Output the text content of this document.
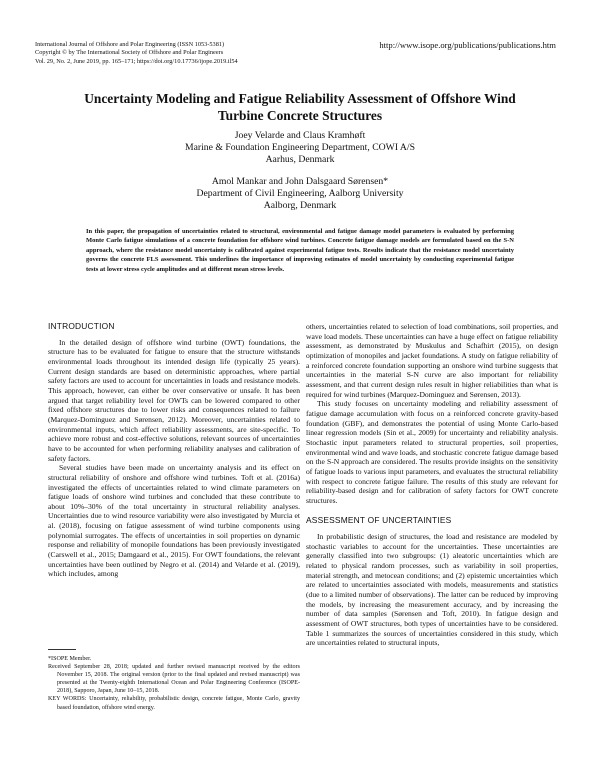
International Journal of Offshore and Polar Engineering (ISSN 1053-5381)
Copyright © by The International Society of Offshore and Polar Engineers
Vol. 29, No. 2, June 2019, pp. 165–171; https://doi.org/10.17736/ijope.2019.il54
http://www.isope.org/publications/publications.htm
Uncertainty Modeling and Fatigue Reliability Assessment of Offshore Wind Turbine Concrete Structures
Joey Velarde and Claus Kramhøft
Marine & Foundation Engineering Department, COWI A/S
Aarhus, Denmark
Amol Mankar and John Dalsgaard Sørensen*
Department of Civil Engineering, Aalborg University
Aalborg, Denmark
In this paper, the propagation of uncertainties related to structural, environmental and fatigue damage model parameters is evaluated by performing Monte Carlo fatigue simulations of a concrete foundation for offshore wind turbines. Concrete fatigue damage models are formulated based on the S-N approach, where the resistance model uncertainty is calibrated against experimental fatigue tests. Results indicate that the resistance model uncertainty governs the concrete FLS assessment. This underlines the importance of improving estimates of model uncertainty by conducting experimental fatigue tests at lower stress cycle amplitudes and at different mean stress levels.
INTRODUCTION

In the detailed design of offshore wind turbine (OWT) foundations, the structure has to be evaluated for fatigue to ensure that the structure withstands environmental loads throughout its intended design life (typically 25 years). Current design standards are based on deterministic approaches, where partial safety factors are used to account for uncertainties in loads and resistance models. This approach, however, can either be over conservative or unsafe. It has been argued that target reliability level for OWTs can be lowered compared to other fixed offshore structures due to lower risks and consequences related to failure (Marquez-Dominguez and Sørensen, 2012). Moreover, uncertainties related to environmental inputs, which affect reliability assessments, are site-specific. To achieve more robust and cost-effective solutions, relevant sources of uncertainties have to be accounted for when performing reliability analyses and calibration of safety factors.

Several studies have been made on uncertainty analysis and its effect on structural reliability of onshore and offshore wind turbines. Toft et al. (2016a) investigated the effects of uncertainties related to wind climate parameters on fatigue loads of onshore wind turbines and concluded that these contribute to about 10%–30% of the total uncertainty in structural reliability analyses. Uncertainties due to wind resource variability were also investigated by Murcia et al. (2018), focusing on fatigue assessment of wind turbine components using polynomial surrogates. The effects of uncertainties in soil properties on dynamic response and reliability of monopile foundations has been previously investigated (Carswell et al., 2015; Damgaard et al., 2015). For OWT foundations, the relevant uncertainties have been outlined by Negro et al. (2014) and Velarde et al. (2019), which includes, among

others, uncertainties related to selection of load combinations, soil properties, and wave load models. These uncertainties can have a huge effect on fatigue reliability assessment, as demonstrated by Muskulus and Schafhirt (2015), on design optimization of monopiles and jacket foundations. A study on fatigue reliability of a reinforced concrete foundation supporting an onshore wind turbine suggests that uncertainties in the material S-N curve are also important for reliability assessment, and that current design rules result in higher reliabilities than what is required for wind turbines (Marquez-Dominguez and Sørensen, 2013).

This study focuses on uncertainty modeling and reliability assessment of fatigue damage accumulation with focus on a reinforced concrete gravity-based foundation (GBF), and demonstrates the potential of using Monte Carlo-based linear regression models (Sin et al., 2009) for uncertainty and reliability analysis. Stochastic input parameters related to structural properties, soil properties, environmental wind and wave loads, and stochastic concrete fatigue damage based on the S-N approach are considered. The results provide insights on the sensitivity of fatigue loads to various input parameters, and evaluates the structural reliability with respect to concrete fatigue failure. The results of this study are relevant for reliability-based design and for calibration of safety factors for OWT concrete structures.

ASSESSMENT OF UNCERTAINTIES

In probabilistic design of structures, the load and resistance are modeled by stochastic variables to account for the uncertainties. These uncertainties are generally classified into two subgroups: (1) aleatoric uncertainties which are related to physical random processes, such as variability in soil properties, material strength, and metocean conditions; and (2) epistemic uncertainties which are related to uncertainties associated with models, measurements and statistics (due to a limited number of observations). The latter can be reduced by improving the models, by increasing the measurement accuracy, and by increasing the number of data samples (Sørensen and Toft, 2010). In fatigue design and assessment of OWT structures, both types of uncertainties have to be considered. Table 1 summarizes the sources of uncertainties considered in this study, which are uncertainties related to structural inputs,

*ISOPE Member.
Received September 28, 2018; updated and further revised manuscript received by the editors November 15, 2018. The original version (prior to the final updated and revised manuscript) was presented at the Twenty-eighth International Ocean and Polar Engineering Conference (ISOPE-2018), Sapporo, Japan, June 10–15, 2018.
KEY WORDS: Uncertainty, reliability, probabilistic design, concrete fatigue, Monte Carlo, gravity based foundation, offshore wind energy.
